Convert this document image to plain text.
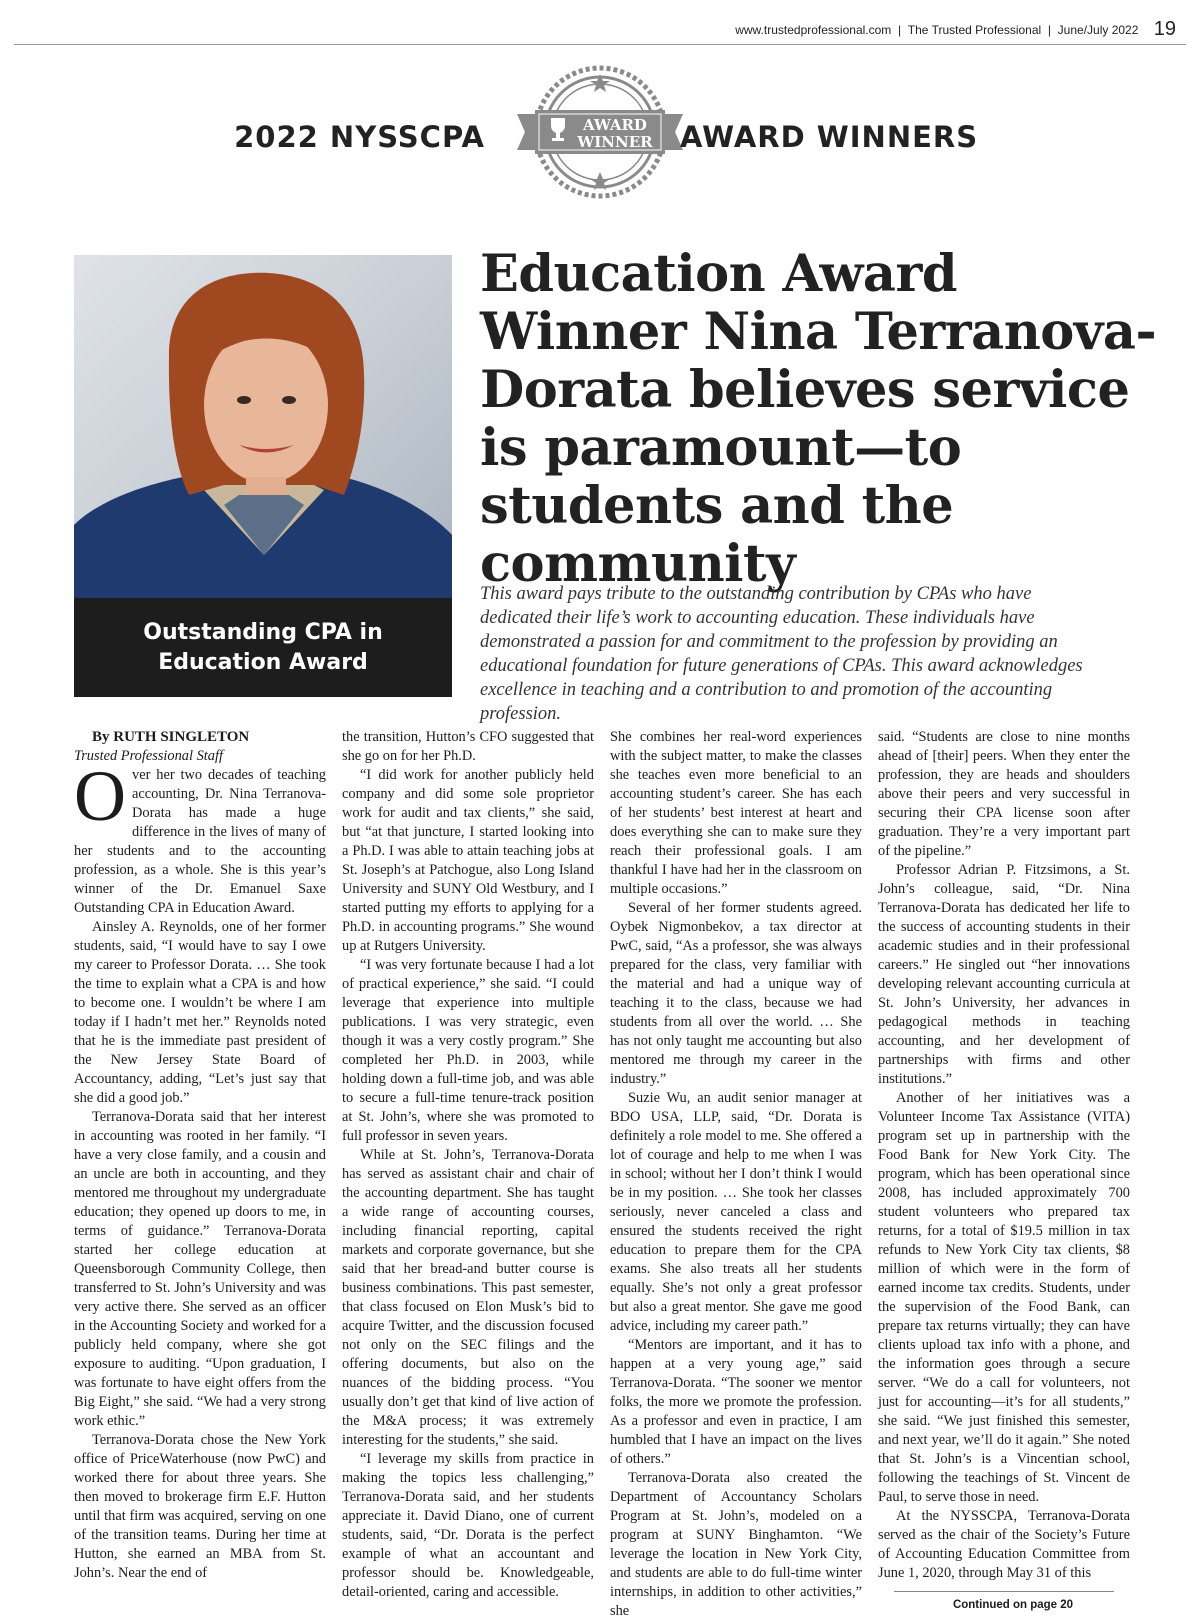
www.trustedprofessional.com  |  The Trusted Professional  |  June/July 2022 19
2022 NYSSCPA	AWARD
WINNER AWARD WINNERS
Outstanding CPA in
Education Award
Education Award Winner Nina Terranova-Dorata believes service is paramount—to students and the community
This award pays tribute to the outstanding contribution by CPAs who have dedicated their life’s work to accounting education. These individuals have demonstrated a passion for and commitment to the profession by providing an educational foundation for future generations of CPAs. This award acknowledges excellence in teaching and a contribution to and promotion of the accounting profession.

By RUTH SINGLETON

Trusted Professional Staff

Over her two decades of teaching accounting, Dr. Nina Terranova-Dorata has made a huge difference in the lives of many of her students and to the accounting profession, as a whole. She is this year’s winner of the Dr. Emanuel Saxe Outstanding CPA in Education Award.

Ainsley A. Reynolds, one of her former students, said, “I would have to say I owe my career to Professor Dorata. … She took the time to explain what a CPA is and how to become one. I wouldn’t be where I am today if I hadn’t met her.” Reynolds noted that he is the immediate past president of the New Jersey State Board of Accountancy, adding, “Let’s just say that she did a good job.”

Terranova-Dorata said that her interest in accounting was rooted in her family. “I have a very close family, and a cousin and an uncle are both in accounting, and they mentored me throughout my undergraduate education; they opened up doors to me, in terms of guidance.” Terranova-Dorata started her college education at Queensborough Community College, then transferred to St. John’s University and was very active there. She served as an officer in the Accounting Society and worked for a publicly held company, where she got exposure to auditing. “Upon graduation, I was fortunate to have eight offers from the Big Eight,” she said. “We had a very strong work ethic.”

Terranova-Dorata chose the New York office of PriceWaterhouse (now PwC) and worked there for about three years. She then moved to brokerage firm E.F. Hutton until that firm was acquired, serving on one of the transition teams. During her time at Hutton, she earned an MBA from St. John’s. Near the end of

the transition, Hutton’s CFO suggested that she go on for her Ph.D.

“I did work for another publicly held company and did some sole proprietor work for audit and tax clients,” she said, but “at that juncture, I started looking into a Ph.D. I was able to attain teaching jobs at St. Joseph’s at Patchogue, also Long Island University and SUNY Old Westbury, and I started putting my efforts to applying for a Ph.D. in accounting programs.” She wound up at Rutgers University.

“I was very fortunate because I had a lot of practical experience,” she said. “I could leverage that experience into multiple publications. I was very strategic, even though it was a very costly program.” She completed her Ph.D. in 2003, while holding down a full-time job, and was able to secure a full-time tenure-track position at St. John’s, where she was promoted to full professor in seven years.

While at St. John’s, Terranova-Dorata has served as assistant chair and chair of the accounting department. She has taught a wide range of accounting courses, including financial reporting, capital markets and corporate governance, but she said that her bread-and butter course is business combinations. This past semester, that class focused on Elon Musk’s bid to acquire Twitter, and the discussion focused not only on the SEC filings and the offering documents, but also on the nuances of the bidding process. “You usually don’t get that kind of live action of the M&A process; it was extremely interesting for the students,” she said.

“I leverage my skills from practice in making the topics less challenging,” Terranova-Dorata said, and her students appreciate it. David Diano, one of current students, said, “Dr. Dorata is the perfect example of what an accountant and professor should be. Knowledgeable, detail-oriented, caring and accessible.

She combines her real-word experiences with the subject matter, to make the classes she teaches even more beneficial to an accounting student’s career. She has each of her students’ best interest at heart and does everything she can to make sure they reach their professional goals. I am thankful I have had her in the classroom on multiple occasions.”

Several of her former students agreed. Oybek Nigmonbekov, a tax director at PwC, said, “As a professor, she was always prepared for the class, very familiar with the material and had a unique way of teaching it to the class, because we had students from all over the world. … She has not only taught me accounting but also mentored me through my career in the industry.”

Suzie Wu, an audit senior manager at BDO USA, LLP, said, “Dr. Dorata is definitely a role model to me. She offered a lot of courage and help to me when I was in school; without her I don’t think I would be in my position. … She took her classes seriously, never canceled a class and ensured the students received the right education to prepare them for the CPA exams. She also treats all her students equally. She’s not only a great professor but also a great mentor. She gave me good advice, including my career path.”

“Mentors are important, and it has to happen at a very young age,” said Terranova-Dorata. “The sooner we mentor folks, the more we promote the profession. As a professor and even in practice, I am humbled that I have an impact on the lives of others.”

Terranova-Dorata also created the Department of Accountancy Scholars Program at St. John’s, modeled on a program at SUNY Binghamton. “We leverage the location in New York City, and students are able to do full-time winter internships, in addition to other activities,” she

said. “Students are close to nine months ahead of [their] peers. When they enter the profession, they are heads and shoulders above their peers and very successful in securing their CPA license soon after graduation. They’re a very important part of the pipeline.”

Professor Adrian P. Fitzsimons, a St. John’s colleague, said, “Dr. Nina Terranova-Dorata has dedicated her life to the success of accounting students in their academic studies and in their professional careers.” He singled out “her innovations developing relevant accounting curricula at St. John’s University, her advances in pedagogical methods in teaching accounting, and her development of partnerships with firms and other institutions.”

Another of her initiatives was a Volunteer Income Tax Assistance (VITA) program set up in partnership with the Food Bank for New York City. The program, which has been operational since 2008, has included approximately 700 student volunteers who prepared tax returns, for a total of $19.5 million in tax refunds to New York City tax clients, $8 million of which were in the form of earned income tax credits. Students, under the supervision of the Food Bank, can prepare tax returns virtually; they can have clients upload tax info with a phone, and the information goes through a secure server. “We do a call for volunteers, not just for accounting—it’s for all students,” she said. “We just finished this semester, and next year, we’ll do it again.” She noted that St. John’s is a Vincentian school, following the teachings of St. Vincent de Paul, to serve those in need.

At the NYSSCPA, Terranova-Dorata served as the chair of the Society’s Future of Accounting Education Committee from June 1, 2020, through May 31 of this

Continued on page 20
